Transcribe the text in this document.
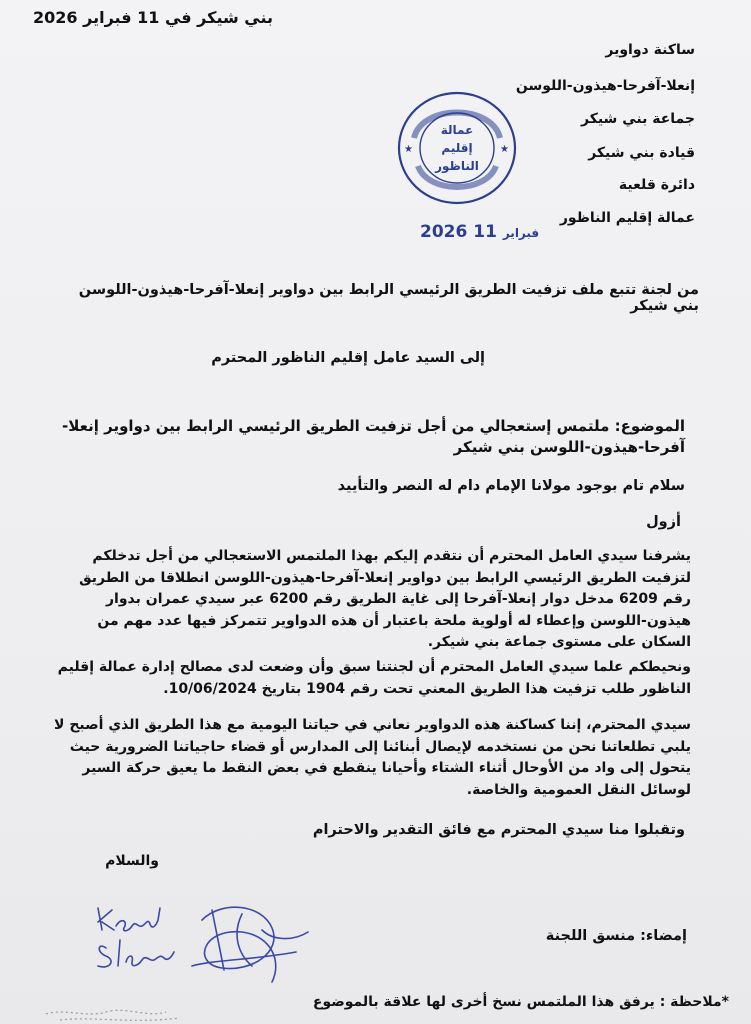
بني شيكر في 11 فبراير 2026
ساكنة دواوير
إنعلا-آفرحا-هيذون-اللوسن
جماعة بني شيكر
قيادة بني شيكر
دائرة قلعية
عمالة إقليم الناظور
★	★
عمالة
إقليم
الناظور
2026	فبراير 11
من لجنة تتبع ملف تزفيت الطريق الرئيسي الرابط بين دواوير إنعلا-آفرحا-هيذون-اللوسن بني شيكر
إلى السيد عامل إقليم الناظور المحترم
الموضوع: ملتمس إستعجالي من أجل تزفيت الطريق الرئيسي الرابط بين دواوير إنعلا-آفرحا-هيذون-اللوسن بني شيكر
سلام تام بوجود مولانا الإمام دام له النصر والتأييد
أزول
يشرفنا سيدي العامل المحترم أن نتقدم إليكم بهذا الملتمس الاستعجالي من أجل تدخلكم لتزفيت الطريق الرئيسي الرابط بين دواوير إنعلا-آفرحا-هيذون-اللوسن انطلاقا من الطريق رقم 6209 مدخل دوار إنعلا-آفرحا إلى غاية الطريق رقم 6200 عبر سيدي عمران بدوار هيذون-اللوسن وإعطاء له أولوية ملحة باعتبار أن هذه الدواوير تتمركز فيها عدد مهم من السكان على مستوى جماعة بني شيكر.
ونحيطكم علما سيدي العامل المحترم أن لجنتنا سبق وأن وضعت لدى مصالح إدارة عمالة إقليم الناظور طلب تزفيت هذا الطريق المعني تحت رقم 1904 بتاريخ 10/06/2024.
سيدي المحترم، إننا كساكنة هذه الدواوير نعاني في حياتنا اليومية مع هذا الطريق الذي أصبح لا يلبي تطلعاتنا نحن من نستخدمه لإيصال أبنائنا إلى المدارس أو قضاء حاجياتنا الضرورية حيث يتحول إلى واد من الأوحال أثناء الشتاء وأحيانا ينقطع في بعض النقط ما يعيق حركة السير لوسائل النقل العمومية والخاصة.
وتقبلوا منا سيدي المحترم مع فائق التقدير والاحترام
والسلام
إمضاء: منسق اللجنة
*ملاحظة : يرفق هذا الملتمس نسخ أخرى لها علاقة بالموضوع
